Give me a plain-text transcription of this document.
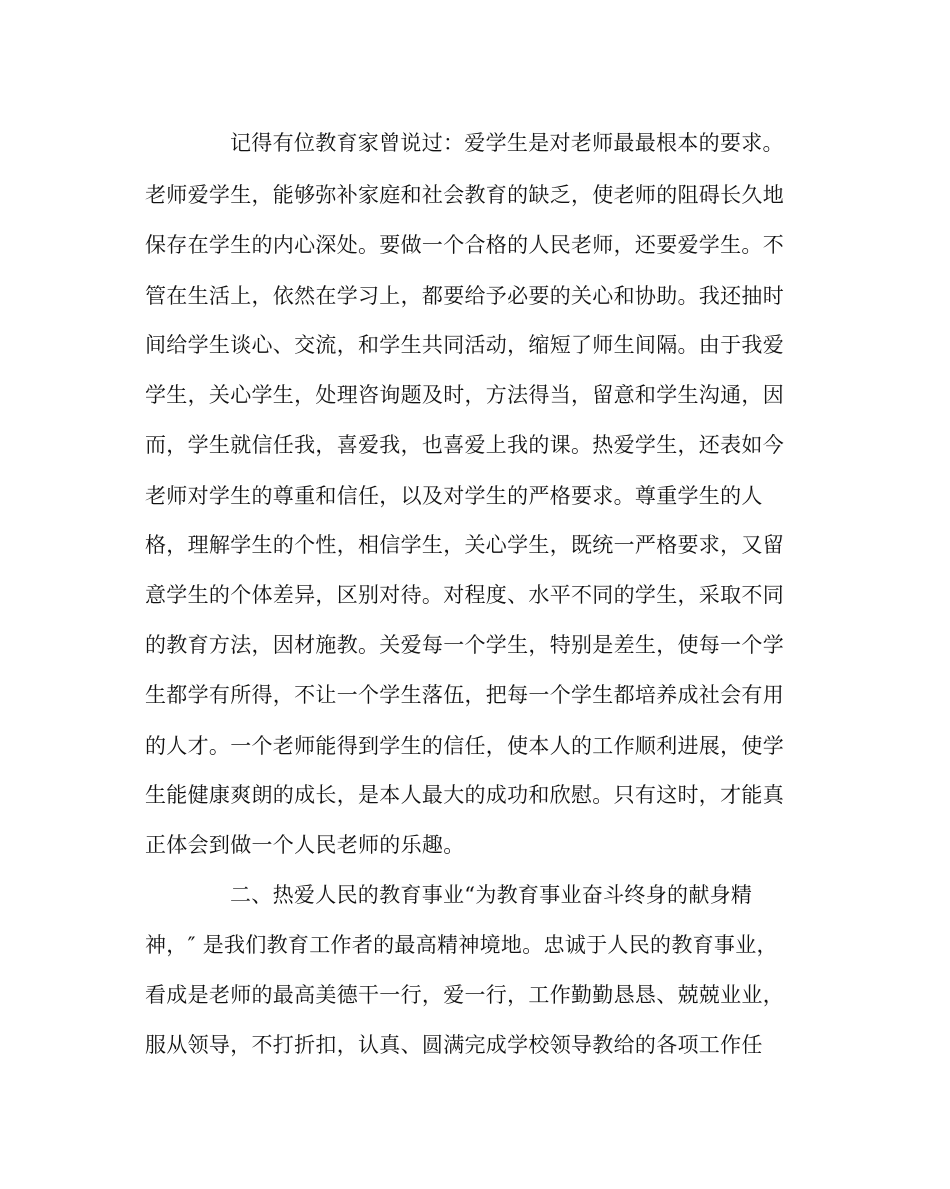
记得有位教育家曾说过：爱学生是对老师最最根本的要求。
老师爱学生，能够弥补家庭和社会教育的缺乏，使老师的阻碍长久地
保存在学生的内心深处。要做一个合格的人民老师，还要爱学生。不
管在生活上，依然在学习上，都要给予必要的关心和协助。我还抽时
间给学生谈心、交流，和学生共同活动，缩短了师生间隔。由于我爱
学生，关心学生，处理咨询题及时，方法得当，留意和学生沟通，因
而，学生就信任我，喜爱我，也喜爱上我的课。热爱学生，还表如今
老师对学生的尊重和信任，以及对学生的严格要求。尊重学生的人
格，理解学生的个性，相信学生，关心学生，既统一严格要求，又留
意学生的个体差异，区别对待。对程度、水平不同的学生，采取不同
的教育方法，因材施教。关爱每一个学生，特别是差生，使每一个学
生都学有所得，不让一个学生落伍，把每一个学生都培养成社会有用
的人才。一个老师能得到学生的信任，使本人的工作顺利进展，使学
生能健康爽朗的成长，是本人最大的成功和欣慰。只有这时，才能真
正体会到做一个人民老师的乐趣。
二、热爱人民的教育事业“为教育事业奋斗终身的献身精
神，″ 是我们教育工作者的最高精神境地。忠诚于人民的教育事业，
看成是老师的最高美德干一行，爱一行，工作勤勤恳恳、兢兢业业，
服从领导，不打折扣，认真、圆满完成学校领导教给的各项工作任
